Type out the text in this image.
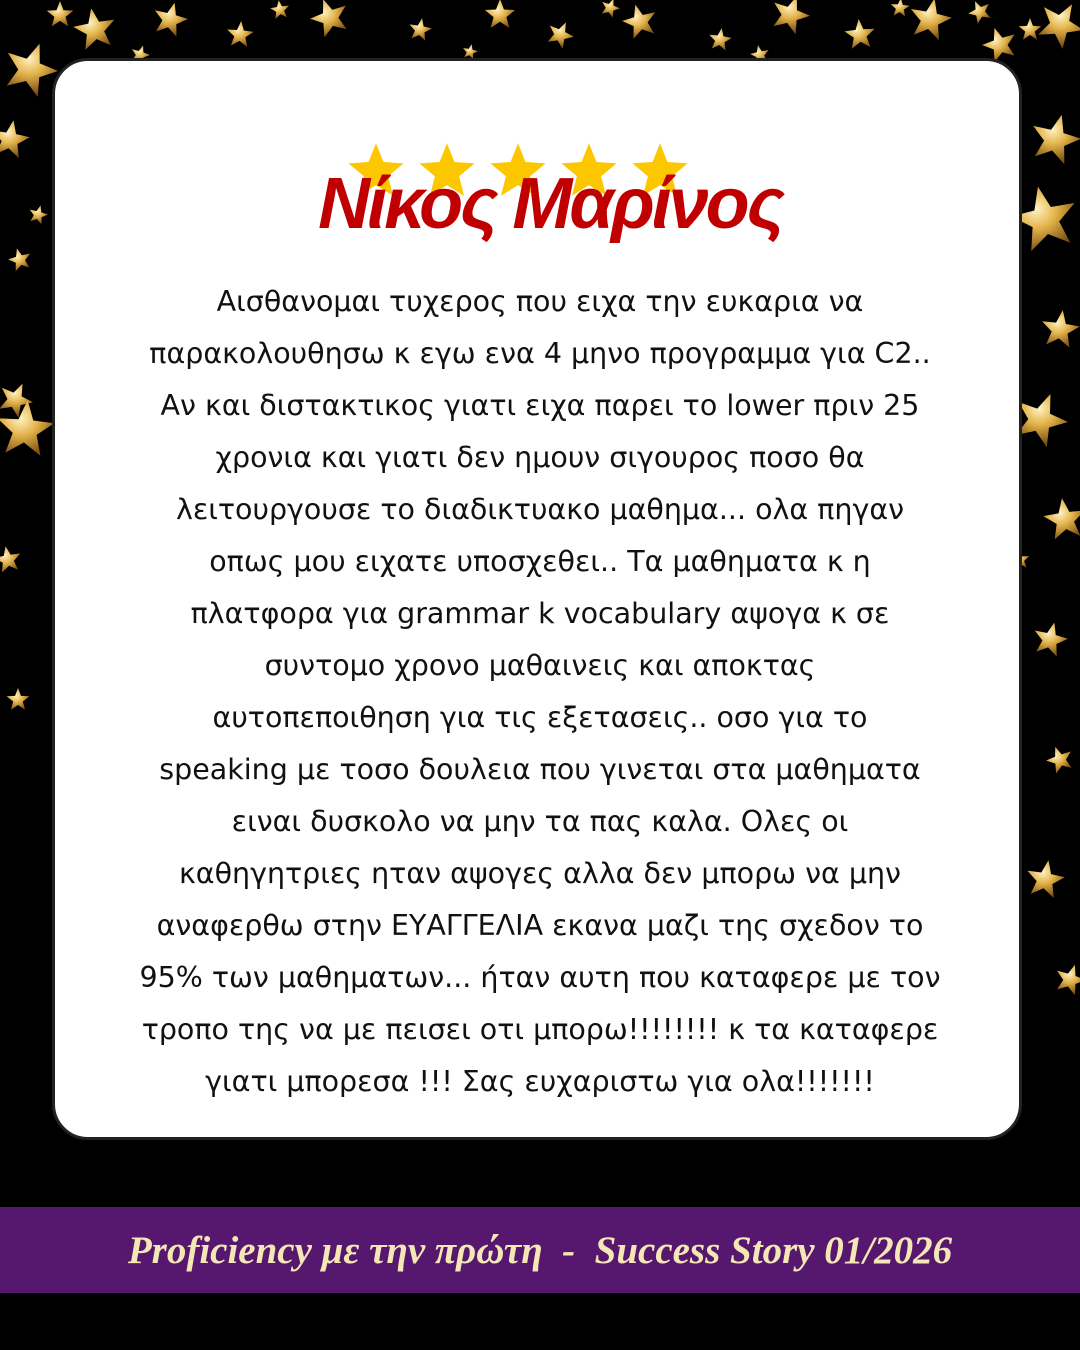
Νίκος Μαρίνος

Αισθανομαι τυχερος που ειχα την ευκαρια να
παρακολουθησω κ εγω ενα 4 μηνο προγραμμα για C2..
Αν και διστακτικος γιατι ειχα παρει το lower πριν 25
χρονια και γιατι δεν ημουν σιγουρος ποσο θα
λειτουργουσε το διαδικτυακο μαθημα... ολα πηγαν
οπως μου ειχατε υποσχεθει.. Τα μαθηματα κ η
πλατφορα για grammar k vocabulary αψογα κ σε
συντομο χρονο μαθαινεις και αποκτας
αυτοπεποιθηση για τις εξετασεις.. οσο για το
speaking με τοσο δουλεια που γινεται στα μαθηματα
ειναι δυσκολο να μην τα πας καλα. Ολες οι
καθηγητριες ηταν αψογες αλλα δεν μπορω να μην
αναφερθω στην ΕΥΑΓΓΕΛΙΑ εκανα μαζι της σχεδον το
95% των μαθηματων... ήταν αυτη που καταφερε με τον
τροπο της να με πεισει οτι μπορω!!!!!!!! κ τα καταφερε
γιατι μπορεσα !!! Σας ευχαριστω για ολα!!!!!!!

Proficiency με την πρώτη  -  Success Story 01/2026
